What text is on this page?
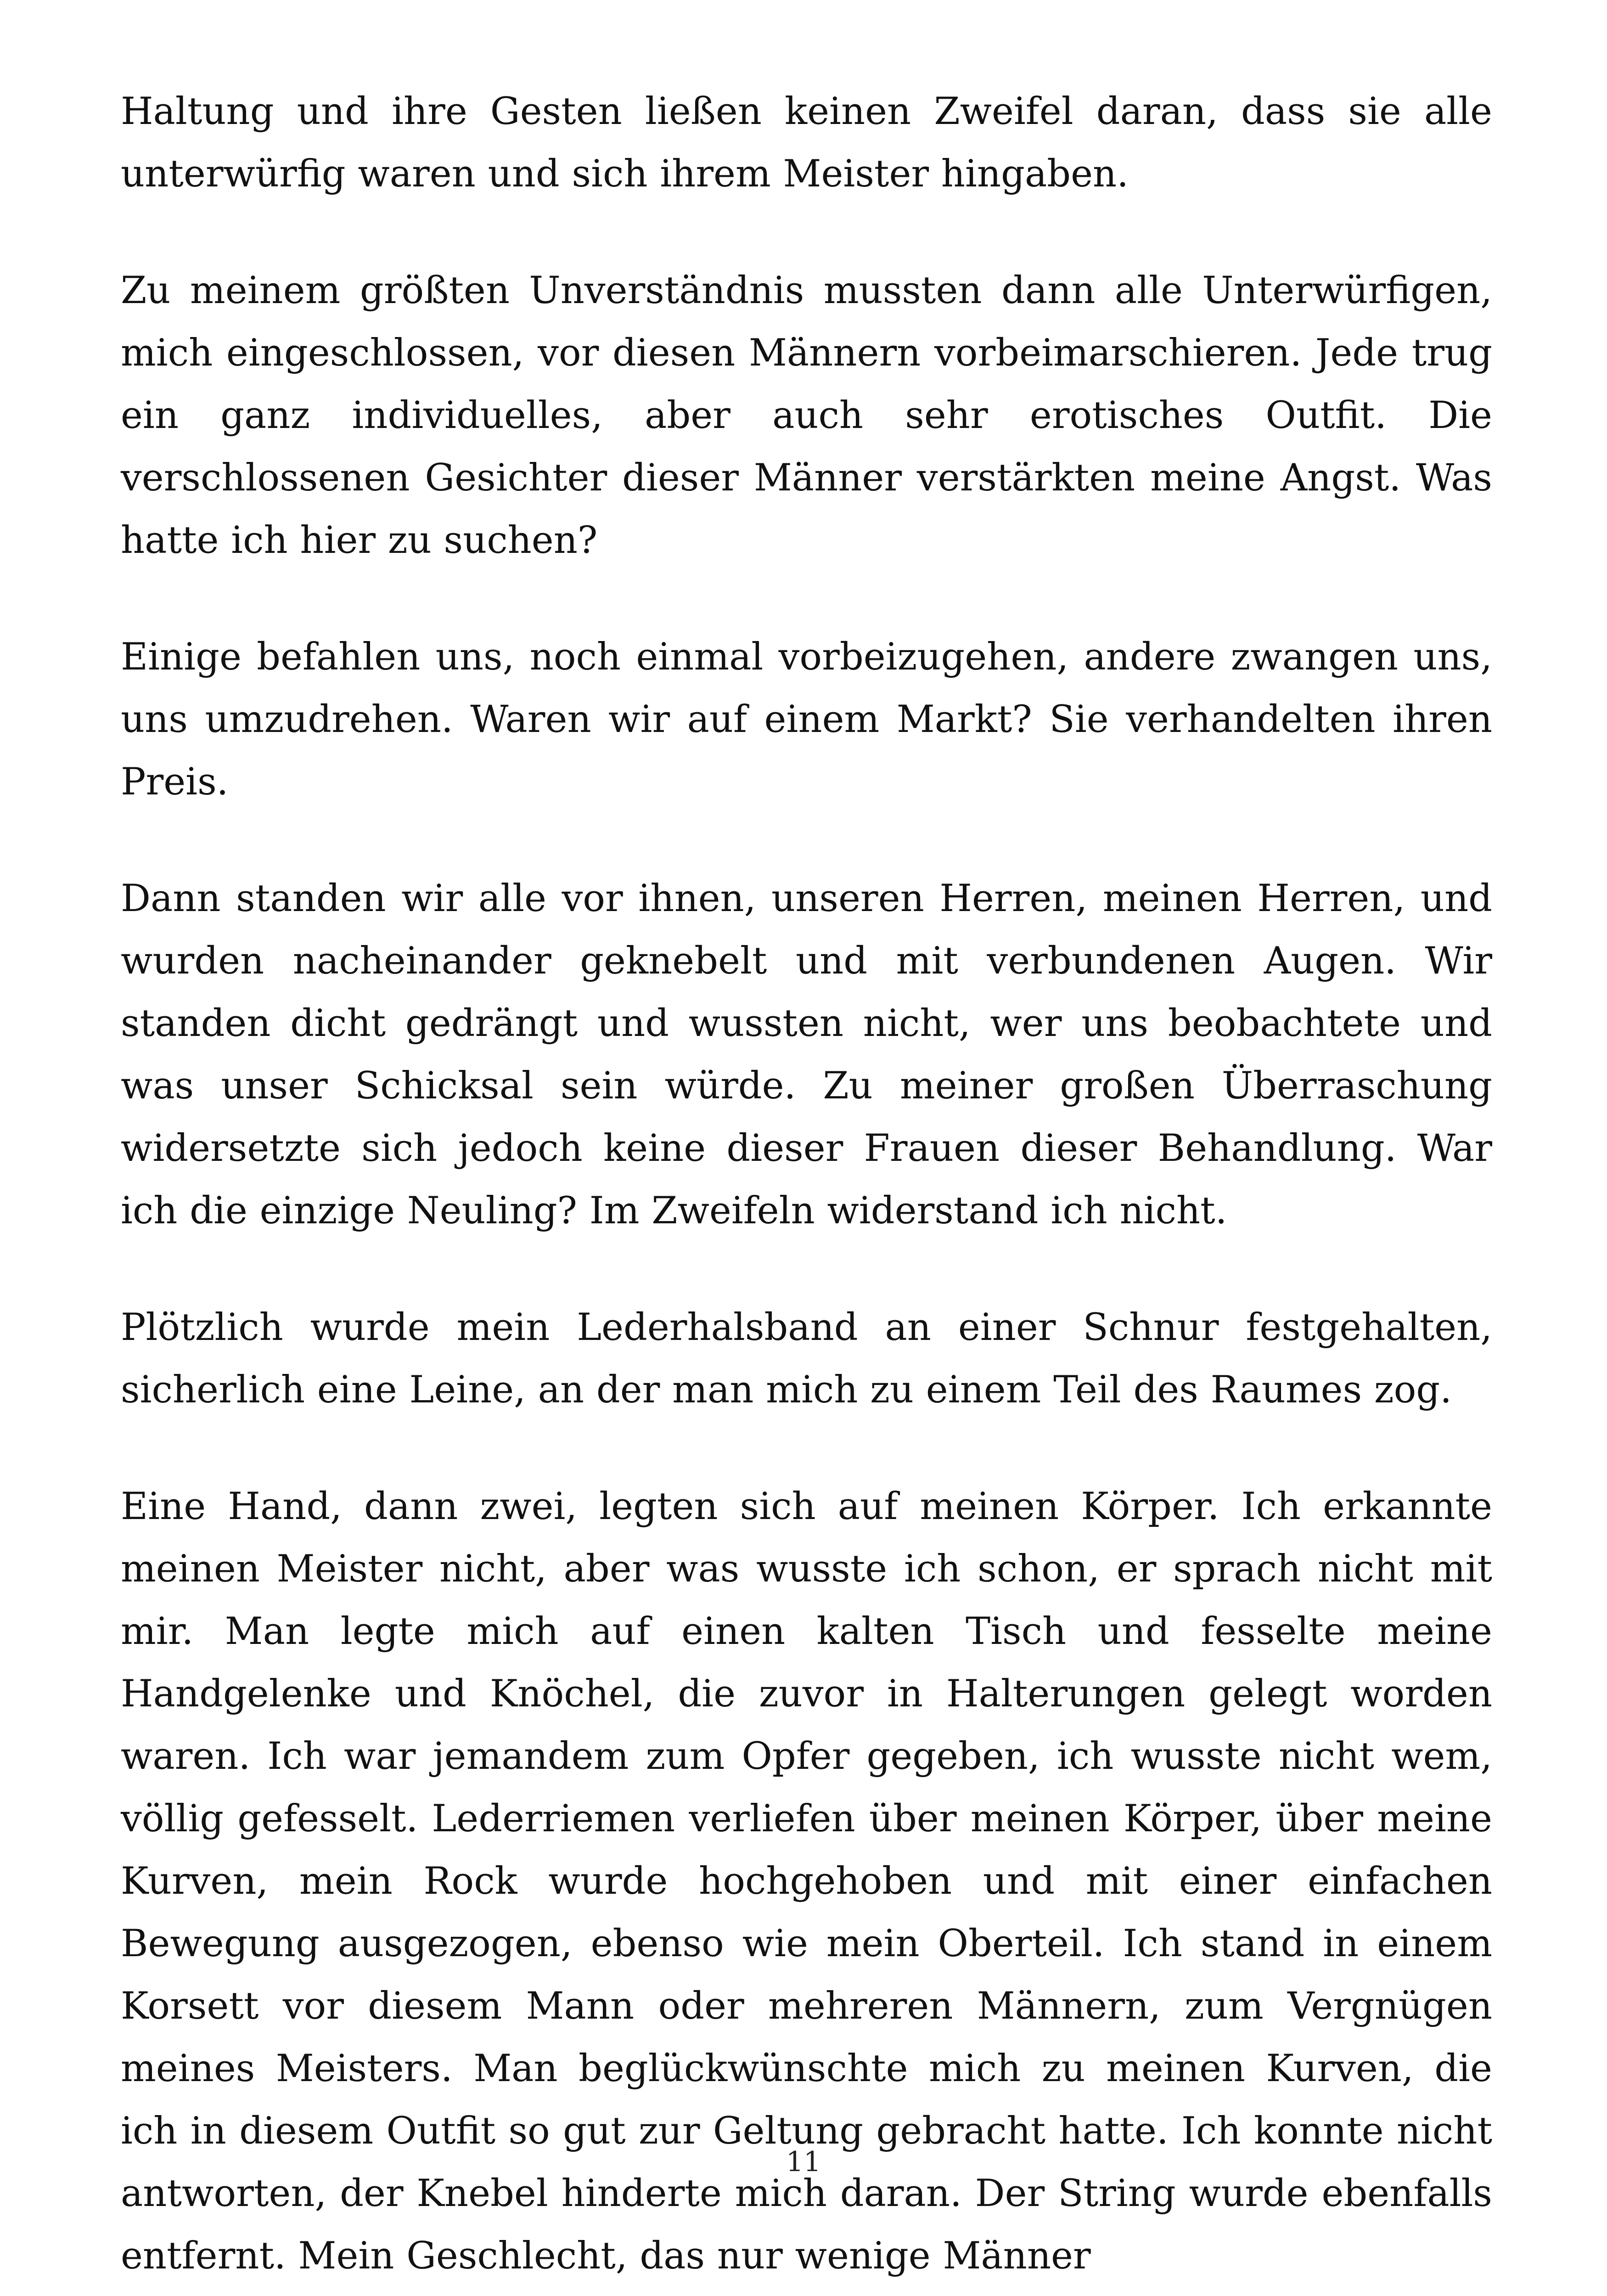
Haltung und ihre Gesten ließen keinen Zweifel daran, dass sie alle unterwürfig waren und sich ihrem Meister hingaben.

Zu meinem größten Unverständnis mussten dann alle Unterwürfigen, mich eingeschlossen, vor diesen Männern vorbeimarschieren. Jede trug ein ganz individuelles, aber auch sehr erotisches Outfit. Die verschlossenen Gesichter dieser Männer verstärkten meine Angst. Was hatte ich hier zu suchen?

Einige befahlen uns, noch einmal vorbeizugehen, andere zwangen uns, uns umzudrehen. Waren wir auf einem Markt? Sie verhandelten ihren Preis.

Dann standen wir alle vor ihnen, unseren Herren, meinen Herren, und wurden nacheinander geknebelt und mit verbundenen Augen. Wir standen dicht gedrängt und wussten nicht, wer uns beobachtete und was unser Schicksal sein würde. Zu meiner großen Überraschung widersetzte sich jedoch keine dieser Frauen dieser Behandlung. War ich die einzige Neuling? Im Zweifeln widerstand ich nicht.

Plötzlich wurde mein Lederhalsband an einer Schnur festgehalten, sicherlich eine Leine, an der man mich zu einem Teil des Raumes zog.

Eine Hand, dann zwei, legten sich auf meinen Körper. Ich erkannte meinen Meister nicht, aber was wusste ich schon, er sprach nicht mit mir. Man legte mich auf einen kalten Tisch und fesselte meine Handgelenke und Knöchel, die zuvor in Halterungen gelegt worden waren. Ich war jemandem zum Opfer gegeben, ich wusste nicht wem, völlig gefesselt. Lederriemen verliefen über meinen Körper, über meine Kurven, mein Rock wurde hochgehoben und mit einer einfachen Bewegung ausgezogen, ebenso wie mein Oberteil. Ich stand in einem Korsett vor diesem Mann oder mehreren Männern, zum Vergnügen meines Meisters. Man beglückwünschte mich zu meinen Kurven, die ich in diesem Outfit so gut zur Geltung gebracht hatte. Ich konnte nicht antworten, der Knebel hinderte mich daran. Der String wurde ebenfalls entfernt. Mein Geschlecht, das nur wenige Männer

11
